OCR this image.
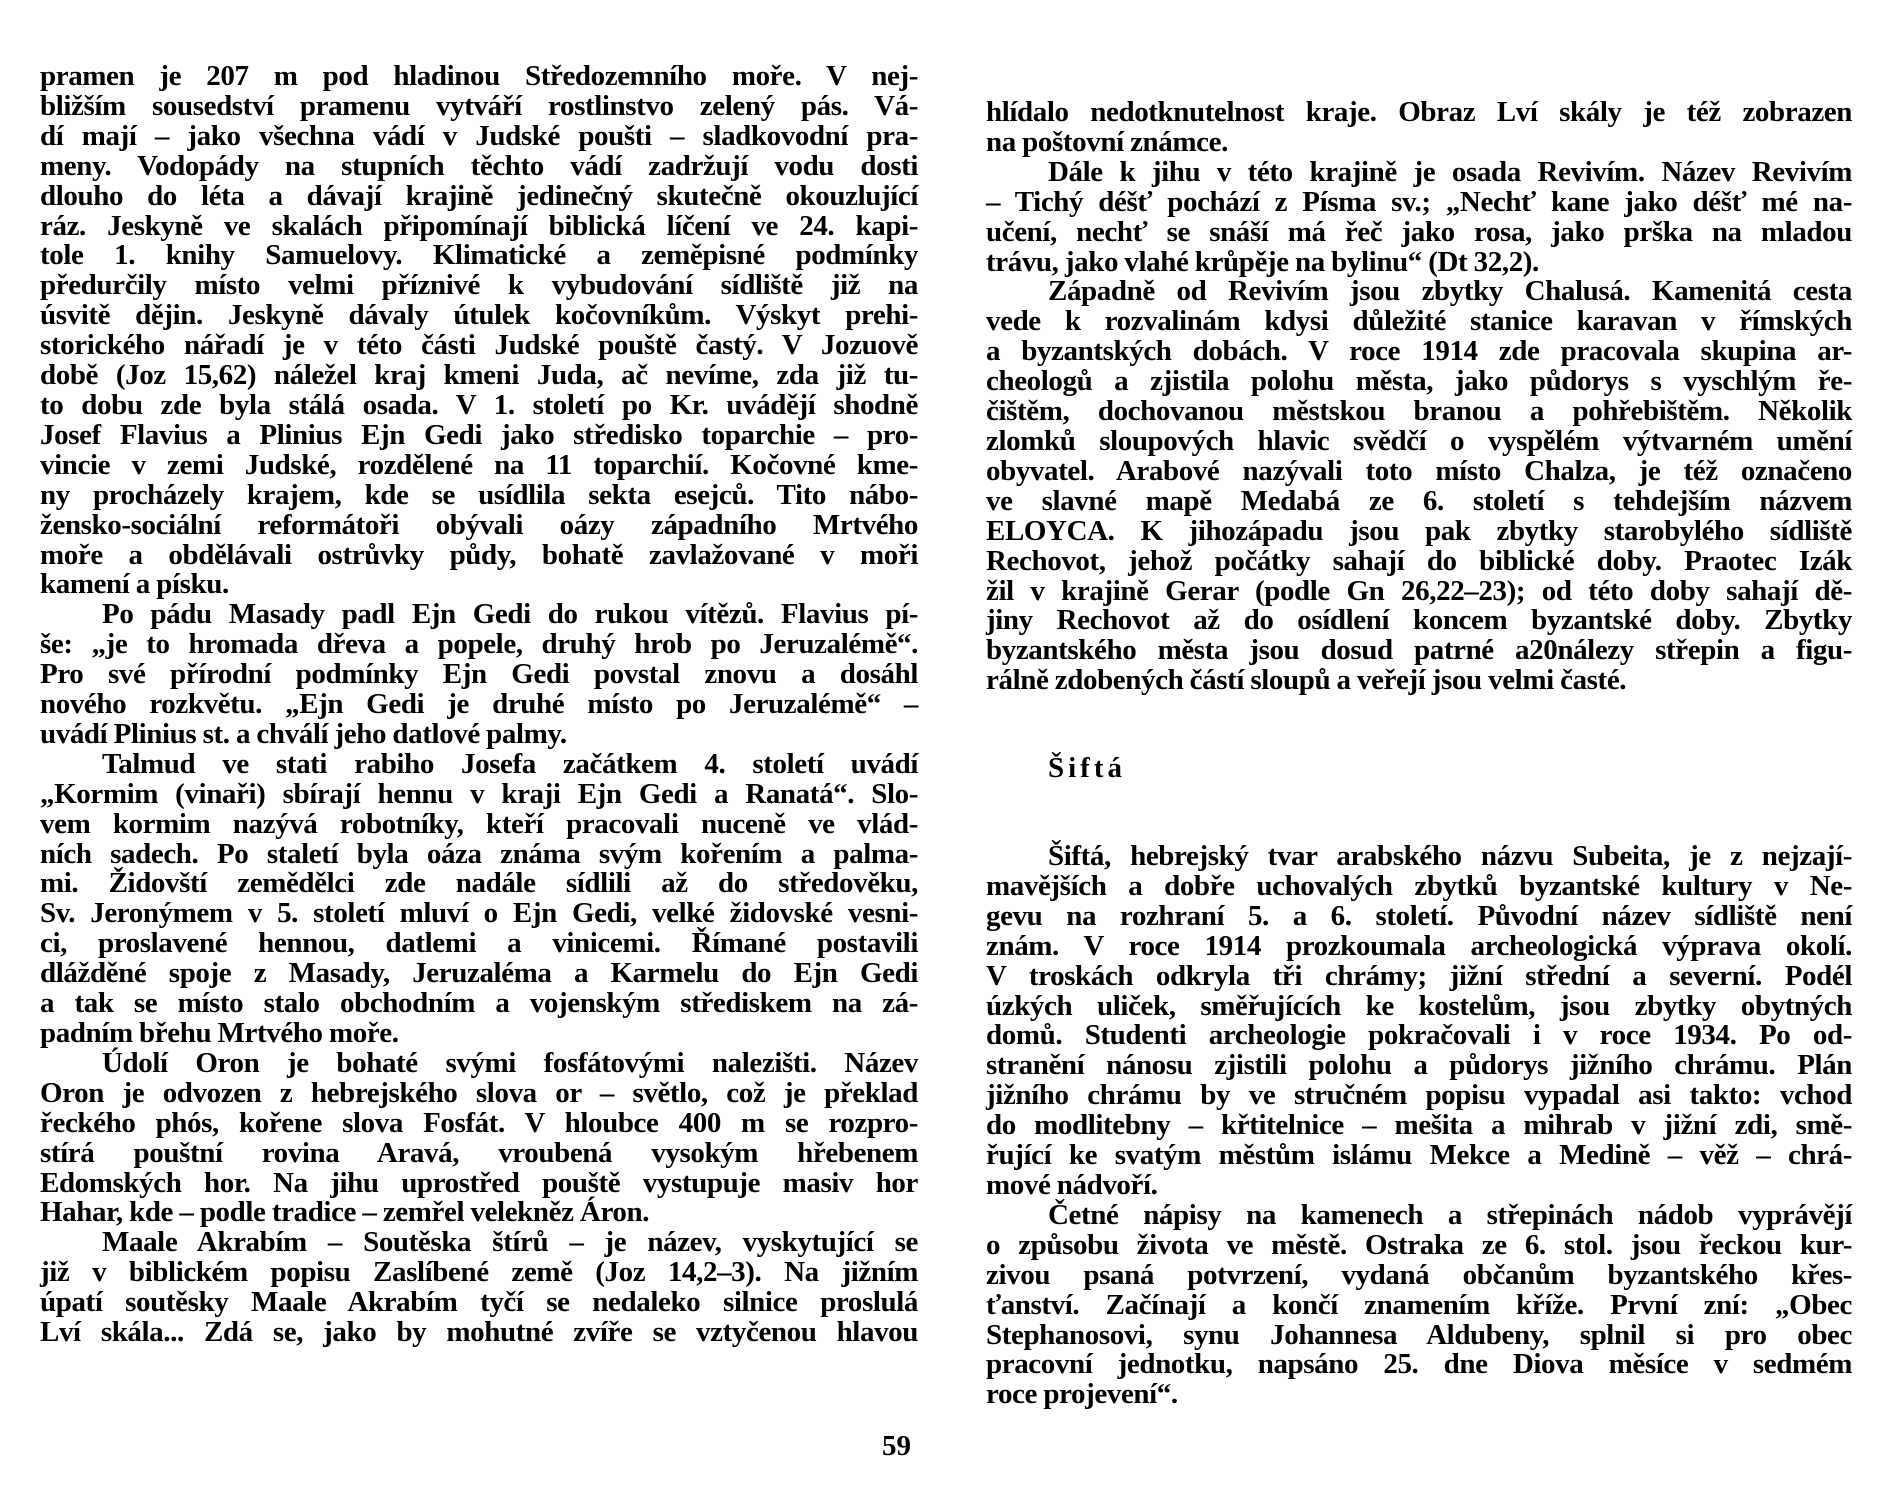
pramen je 207 m pod hladinou Středozemního moře. V nej-
bližším sousedství pramenu vytváří rostlinstvo zelený pás. Vá-
dí mají – jako všechna vádí v Judské poušti – sladkovodní pra-
meny. Vodopády na stupních těchto vádí zadržují vodu dosti
dlouho do léta a dávají krajině jedinečný skutečně okouzlující
ráz. Jeskyně ve skalách připomínají biblická líčení ve 24. kapi-
tole 1. knihy Samuelovy. Klimatické a zeměpisné podmínky
předurčily místo velmi příznivé k vybudování sídliště již na
úsvitě dějin. Jeskyně dávaly útulek kočovníkům. Výskyt prehi-
storického nářadí je v této části Judské pouště častý. V Jozuově
době (Joz 15,62) náležel kraj kmeni Juda, ač nevíme, zda již tu-
to dobu zde byla stálá osada. V 1. století po Kr. uvádějí shodně
Josef Flavius a Plinius Ejn Gedi jako středisko toparchie – pro-
vincie v zemi Judské, rozdělené na 11 toparchií. Kočovné kme-
ny procházely krajem, kde se usídlila sekta esejců. Tito nábo-
žensko-sociální reformátoři obývali oázy západního Mrtvého
moře a obdělávali ostrůvky půdy, bohatě zavlažované v moři
kamení a písku.
Po pádu Masady padl Ejn Gedi do rukou vítězů. Flavius pí-
še: „je to hromada dřeva a popele, druhý hrob po Jeruzalémě“.
Pro své přírodní podmínky Ejn Gedi povstal znovu a dosáhl
nového rozkvětu. „Ejn Gedi je druhé místo po Jeruzalémě“ –
uvádí Plinius st. a chválí jeho datlové palmy.
Talmud ve stati rabiho Josefa začátkem 4. století uvádí
„Kormim (vinaři) sbírají hennu v kraji Ejn Gedi a Ranatá“. Slo-
vem kormim nazývá robotníky, kteří pracovali nuceně ve vlád-
ních sadech. Po staletí byla oáza známa svým kořením a palma-
mi. Židovští zemědělci zde nadále sídlili až do středověku,
Sv. Jeronýmem v 5. století mluví o Ejn Gedi, velké židovské vesni-
ci, proslavené hennou, datlemi a vinicemi. Římané postavili
dlážděné spoje z Masady, Jeruzaléma a Karmelu do Ejn Gedi
a tak se místo stalo obchodním a vojenským střediskem na zá-
padním břehu Mrtvého moře.
Údolí Oron je bohaté svými fosfátovými nalezišti. Název
Oron je odvozen z hebrejského slova or – světlo, což je překlad
řeckého phós, kořene slova Fosfát. V hloubce 400 m se rozpro-
stírá pouštní rovina Aravá, vroubená vysokým hřebenem
Edomských hor. Na jihu uprostřed pouště vystupuje masiv hor
Hahar, kde – podle tradice – zemřel velekněz Áron.
Maale Akrabím – Soutěska štírů – je název, vyskytující se
již v biblickém popisu Zaslíbené země (Joz 14,2–3). Na jižním
úpatí soutěsky Maale Akrabím tyčí se nedaleko silnice proslulá
Lví skála... Zdá se, jako by mohutné zvíře se vztyčenou hlavou
hlídalo nedotknutelnost kraje. Obraz Lví skály je též zobrazen
na poštovní známce.
Dále k jihu v této krajině je osada Revivím. Název Revivím
– Tichý déšť pochází z Písma sv.; „Nechť kane jako déšť mé na-
učení, nechť se snáší má řeč jako rosa, jako prška na mladou
trávu, jako vlahé krůpěje na bylinu“ (Dt 32,2).
Západně od Revivím jsou zbytky Chalusá. Kamenitá cesta
vede k rozvalinám kdysi důležité stanice karavan v římských
a byzantských dobách. V roce 1914 zde pracovala skupina ar-
cheologů a zjistila polohu města, jako půdorys s vyschlým ře-
čištěm, dochovanou městskou branou a pohřebištěm. Několik
zlomků sloupových hlavic svědčí o vyspělém výtvarném umění
obyvatel. Arabové nazývali toto místo Chalza, je též označeno
ve slavné mapě Medabá ze 6. století s tehdejším názvem
ELOYCA. K jihozápadu jsou pak zbytky starobylého sídliště
Rechovot, jehož počátky sahají do biblické doby. Praotec Izák
žil v krajině Gerar (podle Gn 26,22–23); od této doby sahají dě-
jiny Rechovot až do osídlení koncem byzantské doby. Zbytky
byzantského města jsou dosud patrné a20nálezy střepin a figu-
rálně zdobených částí sloupů a veřejí jsou velmi časté.
Šiftá
Šiftá, hebrejský tvar arabského názvu Subeita, je z nejzají-
mavějších a dobře uchovalých zbytků byzantské kultury v Ne-
gevu na rozhraní 5. a 6. století. Původní název sídliště není
znám. V roce 1914 prozkoumala archeologická výprava okolí.
V troskách odkryla tři chrámy; jižní střední a severní. Podél
úzkých uliček, směřujících ke kostelům, jsou zbytky obytných
domů. Studenti archeologie pokračovali i v roce 1934. Po od-
stranění nánosu zjistili polohu a půdorys jižního chrámu. Plán
jižního chrámu by ve stručném popisu vypadal asi takto: vchod
do modlitebny – křtitelnice – mešita a mihrab v jižní zdi, smě-
řující ke svatým městům islámu Mekce a Medině – věž – chrá-
mové nádvoří.
Četné nápisy na kamenech a střepinách nádob vyprávějí
o způsobu života ve městě. Ostraka ze 6. stol. jsou řeckou kur-
zivou psaná potvrzení, vydaná občanům byzantského křes-
ťanství. Začínají a končí znamením kříže. První zní: „Obec
Stephanosovi, synu Johannesa Aldubeny, splnil si pro obec
pracovní jednotku, napsáno 25. dne Diova měsíce v sedmém
roce projevení“.
59
